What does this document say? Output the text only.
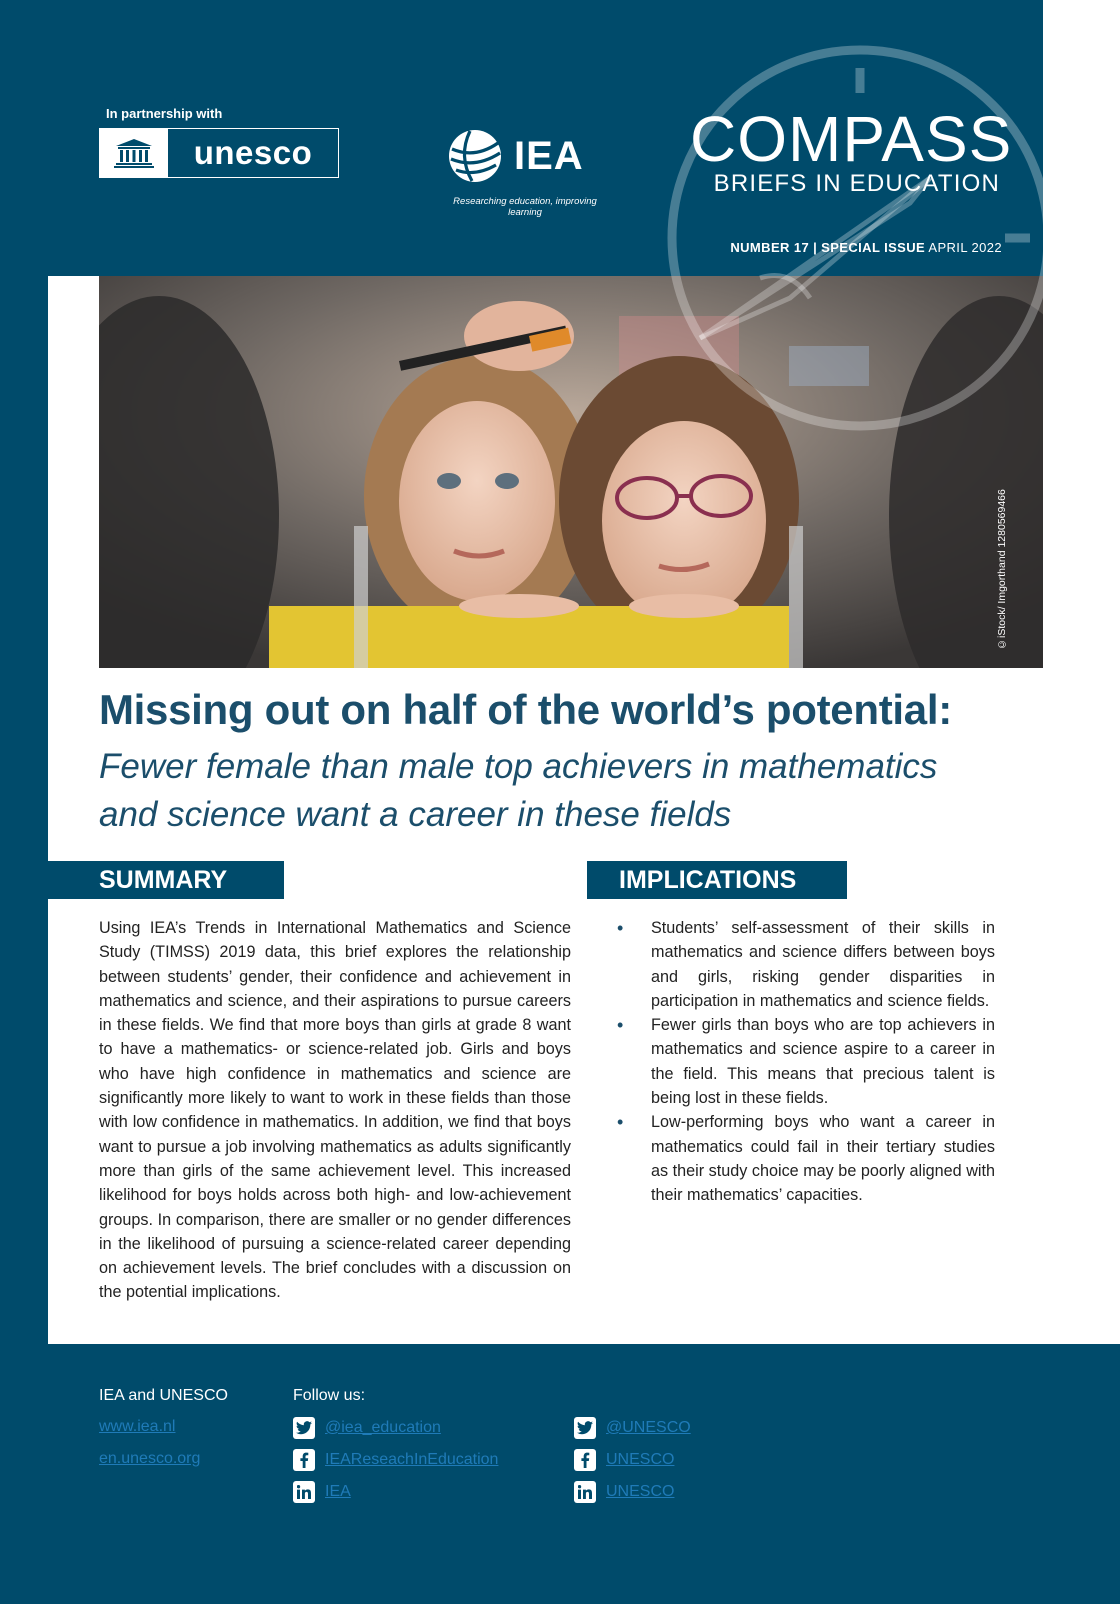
In partnership with
unesco	IEA
Researching education, improving learning
COMPASS
BRIEFS IN EDUCATION
NUMBER 17 | SPECIAL ISSUE APRIL 2022
©iStock/ Imgorthand 1280569466
Missing out on half of the world’s potential:
Fewer female than male top achievers in mathematics and science want a career in these fields
SUMMARY	IMPLICATIONS
Using IEA’s Trends in International Mathematics and Science Study (TIMSS) 2019 data, this brief explores the relationship between students’ gender, their confidence and achievement in mathematics and science, and their aspirations to pursue careers in these fields. We find that more boys than girls at grade 8 want to have a mathematics- or science-related job. Girls and boys who have high confidence in mathematics and science are significantly more likely to want to work in these fields than those with low confidence in mathematics. In addition, we find that boys want to pursue a job involving mathematics as adults significantly more than girls of the same achievement level. This increased likelihood for boys holds across both high- and low-achievement groups. In comparison, there are smaller or no gender differences in the likelihood of pursuing a science-related career depending on achievement levels. The brief concludes with a discussion on the potential implications.
• Students’ self-assessment of their skills in mathematics and science differs between boys and girls, risking gender disparities in participation in mathematics and science fields.
• Fewer girls than boys who are top achievers in mathematics and science aspire to a career in the field. This means that precious talent is being lost in these fields.
• Low-performing boys who want a career in mathematics could fail in their tertiary studies as their study choice may be poorly aligned with their mathematics’ capacities.
IEA and UNESCO
www.iea.nl
en.unesco.org
Follow us:
@iea_education
IEAReseachInEducation
IEA
@UNESCO
UNESCO
UNESCO
